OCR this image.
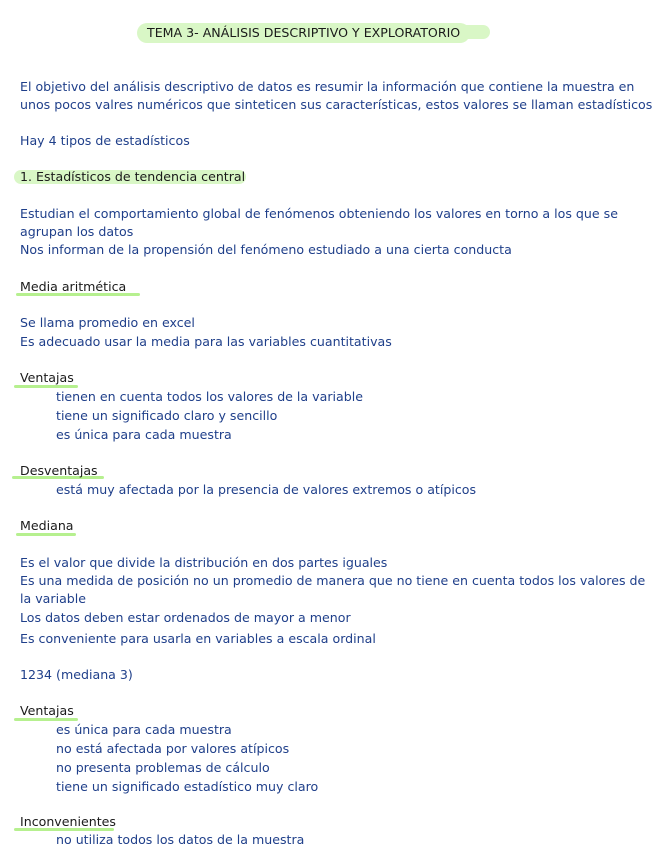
TEMA 3- ANÁLISIS DESCRIPTIVO Y EXPLORATORIO
El objetivo del análisis descriptivo de datos es resumir la información que contiene la muestra en
unos pocos valres numéricos que sinteticen sus características, estos valores se llaman estadísticos
Hay 4 tipos de estadísticos
1. Estadísticos de tendencia central
Estudian el comportamiento global de fenómenos obteniendo los valores en torno a los que se
agrupan los datos
Nos informan de la propensión del fenómeno estudiado a una cierta conducta
Media aritmética
Se llama promedio en excel
Es adecuado usar la media para las variables cuantitativas
Ventajas
tienen en cuenta todos los valores de la variable
tiene un significado claro y sencillo
es única para cada muestra
Desventajas
está muy afectada por la presencia de valores extremos o atípicos
Mediana
Es el valor que divide la distribución en dos partes iguales
Es una medida de posición no un promedio de manera que no tiene en cuenta todos los valores de
la variable
Los datos deben estar ordenados de mayor a menor
Es conveniente para usarla en variables a escala ordinal
1234 (mediana 3)
Ventajas
es única para cada muestra
no está afectada por valores atípicos
no presenta problemas de cálculo
tiene un significado estadístico muy claro
Inconvenientes
no utiliza todos los datos de la muestra
